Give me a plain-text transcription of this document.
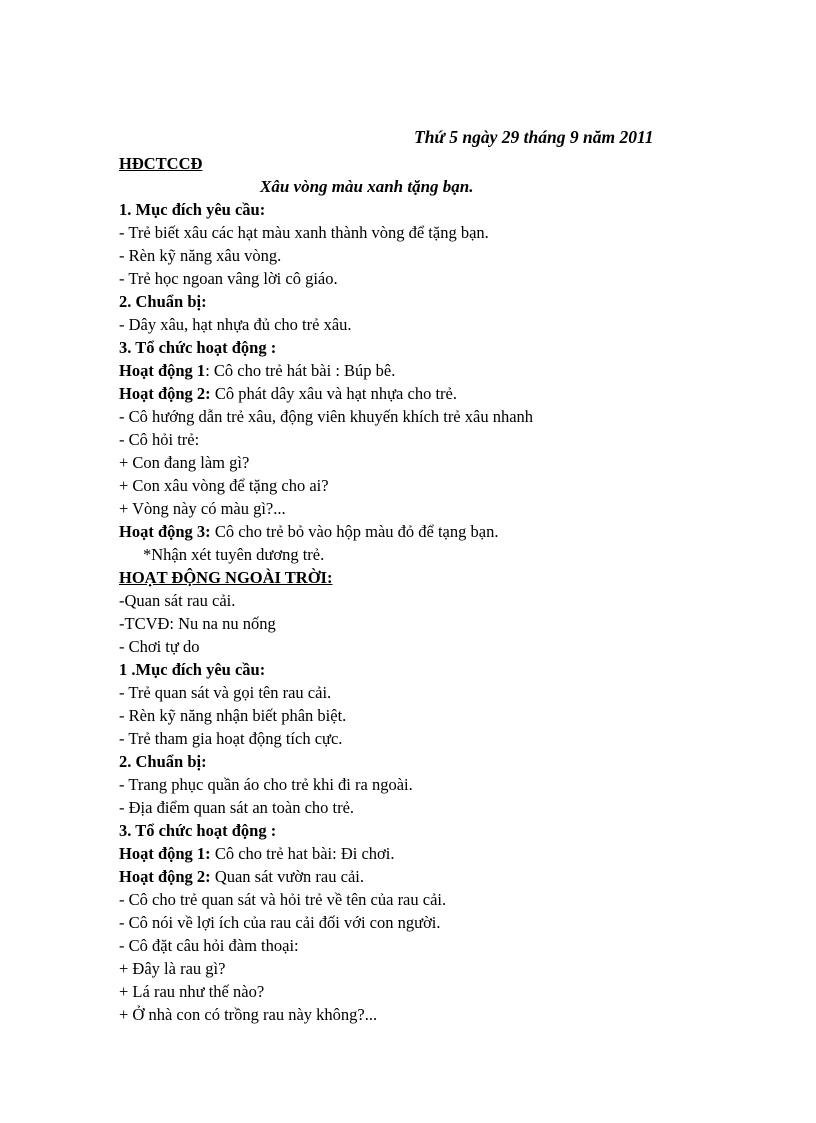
Thứ 5 ngày 29 tháng 9 năm 2011
HĐCTCCĐ
Xâu vòng màu xanh tặng bạn.
1. Mục đích yêu cầu:
- Trẻ biết xâu các hạt màu xanh thành vòng để tặng bạn.
- Rèn kỹ năng xâu vòng.
- Trẻ học ngoan vâng lời cô giáo.
2. Chuẩn bị:
- Dây xâu, hạt nhựa đủ cho trẻ xâu.
3. Tổ chức hoạt động :
Hoạt động 1: Cô cho trẻ hát bài : Búp bê.
Hoạt động 2: Cô phát dây xâu và hạt nhựa cho trẻ.
- Cô hướng dẫn trẻ xâu, động viên khuyến khích trẻ xâu nhanh
- Cô hỏi trẻ:
+ Con đang làm gì?
+ Con xâu vòng để tặng cho ai?
+ Vòng này có màu gì?...
Hoạt động 3: Cô cho trẻ bỏ vào hộp màu đỏ để tạng bạn.
*Nhận xét tuyên dương trẻ.
HOẠT ĐỘNG NGOÀI TRỜI:
-Quan sát rau cải.
-TCVĐ: Nu na nu nống
- Chơi tự do
1 .Mục đích yêu cầu:
- Trẻ quan sát và gọi tên rau cải.
- Rèn kỹ năng nhận biết phân biệt.
- Trẻ tham gia hoạt động tích cực.
2. Chuẩn bị:
- Trang phục quần áo cho trẻ khi đi ra ngoài.
- Địa điểm quan sát an toàn cho trẻ.
3. Tổ chức hoạt động :
Hoạt động 1: Cô cho trẻ hat bài: Đi chơi.
Hoạt động 2: Quan sát vườn rau cải.
- Cô cho trẻ quan sát và hỏi trẻ về tên của rau cải.
- Cô nói về lợi ích của rau cải đối với con người.
- Cô đặt câu hỏi đàm thoại:
+ Đây là rau gì?
+ Lá rau như thế nào?
+ Ở nhà con có trồng rau này không?...
